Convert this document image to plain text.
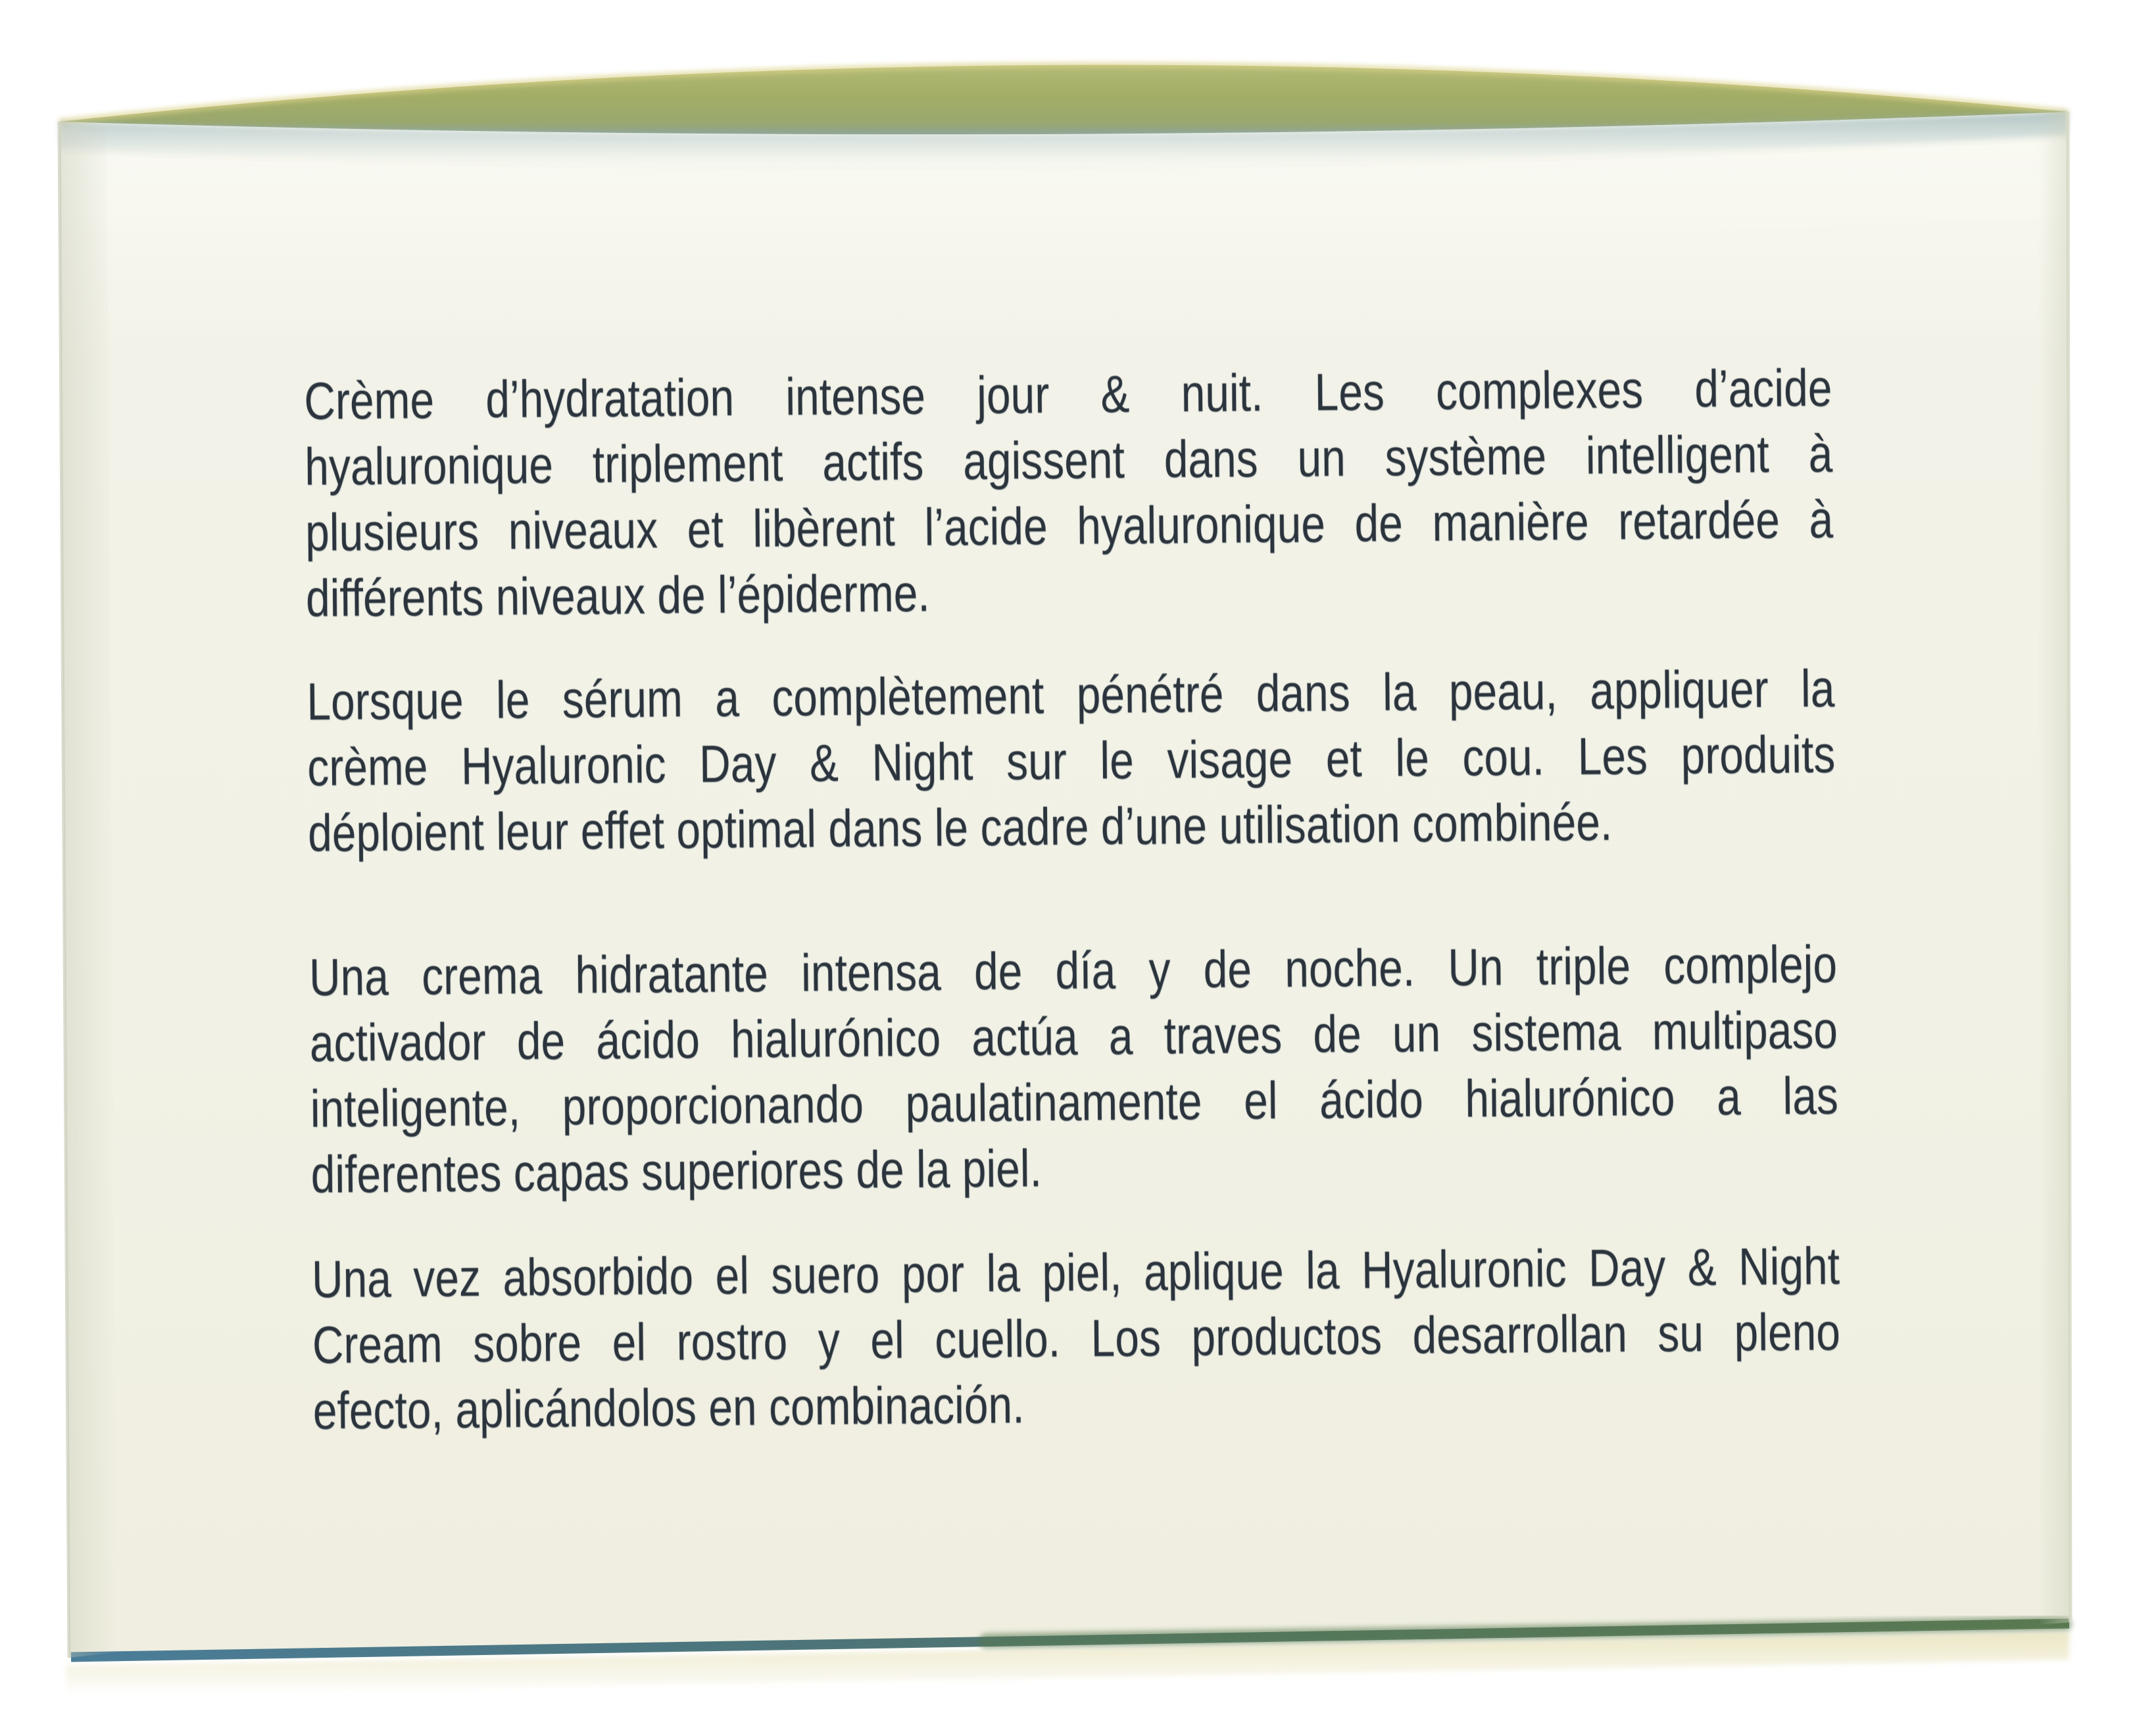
Crème d’hydratation intense jour & nuit. Les complexes d’acide
hyaluronique triplement actifs agissent dans un système intelligent à
plusieurs niveaux et libèrent l’acide hyaluronique de manière retardée à
différents niveaux de l’épiderme.
Lorsque le sérum a complètement pénétré dans la peau, appliquer la
crème Hyaluronic Day & Night sur le visage et le cou. Les produits
déploient leur effet optimal dans le cadre d’une utilisation combinée.
Una crema hidratante intensa de día y de noche. Un triple complejo
activador de ácido hialurónico actúa a traves de un sistema multipaso
inteligente, proporcionando paulatinamente el ácido hialurónico a las
diferentes capas superiores de la piel.
Una vez absorbido el suero por la piel, aplique la Hyaluronic Day & Night
Cream sobre el rostro y el cuello. Los productos desarrollan su pleno
efecto, aplicándolos en combinación.
